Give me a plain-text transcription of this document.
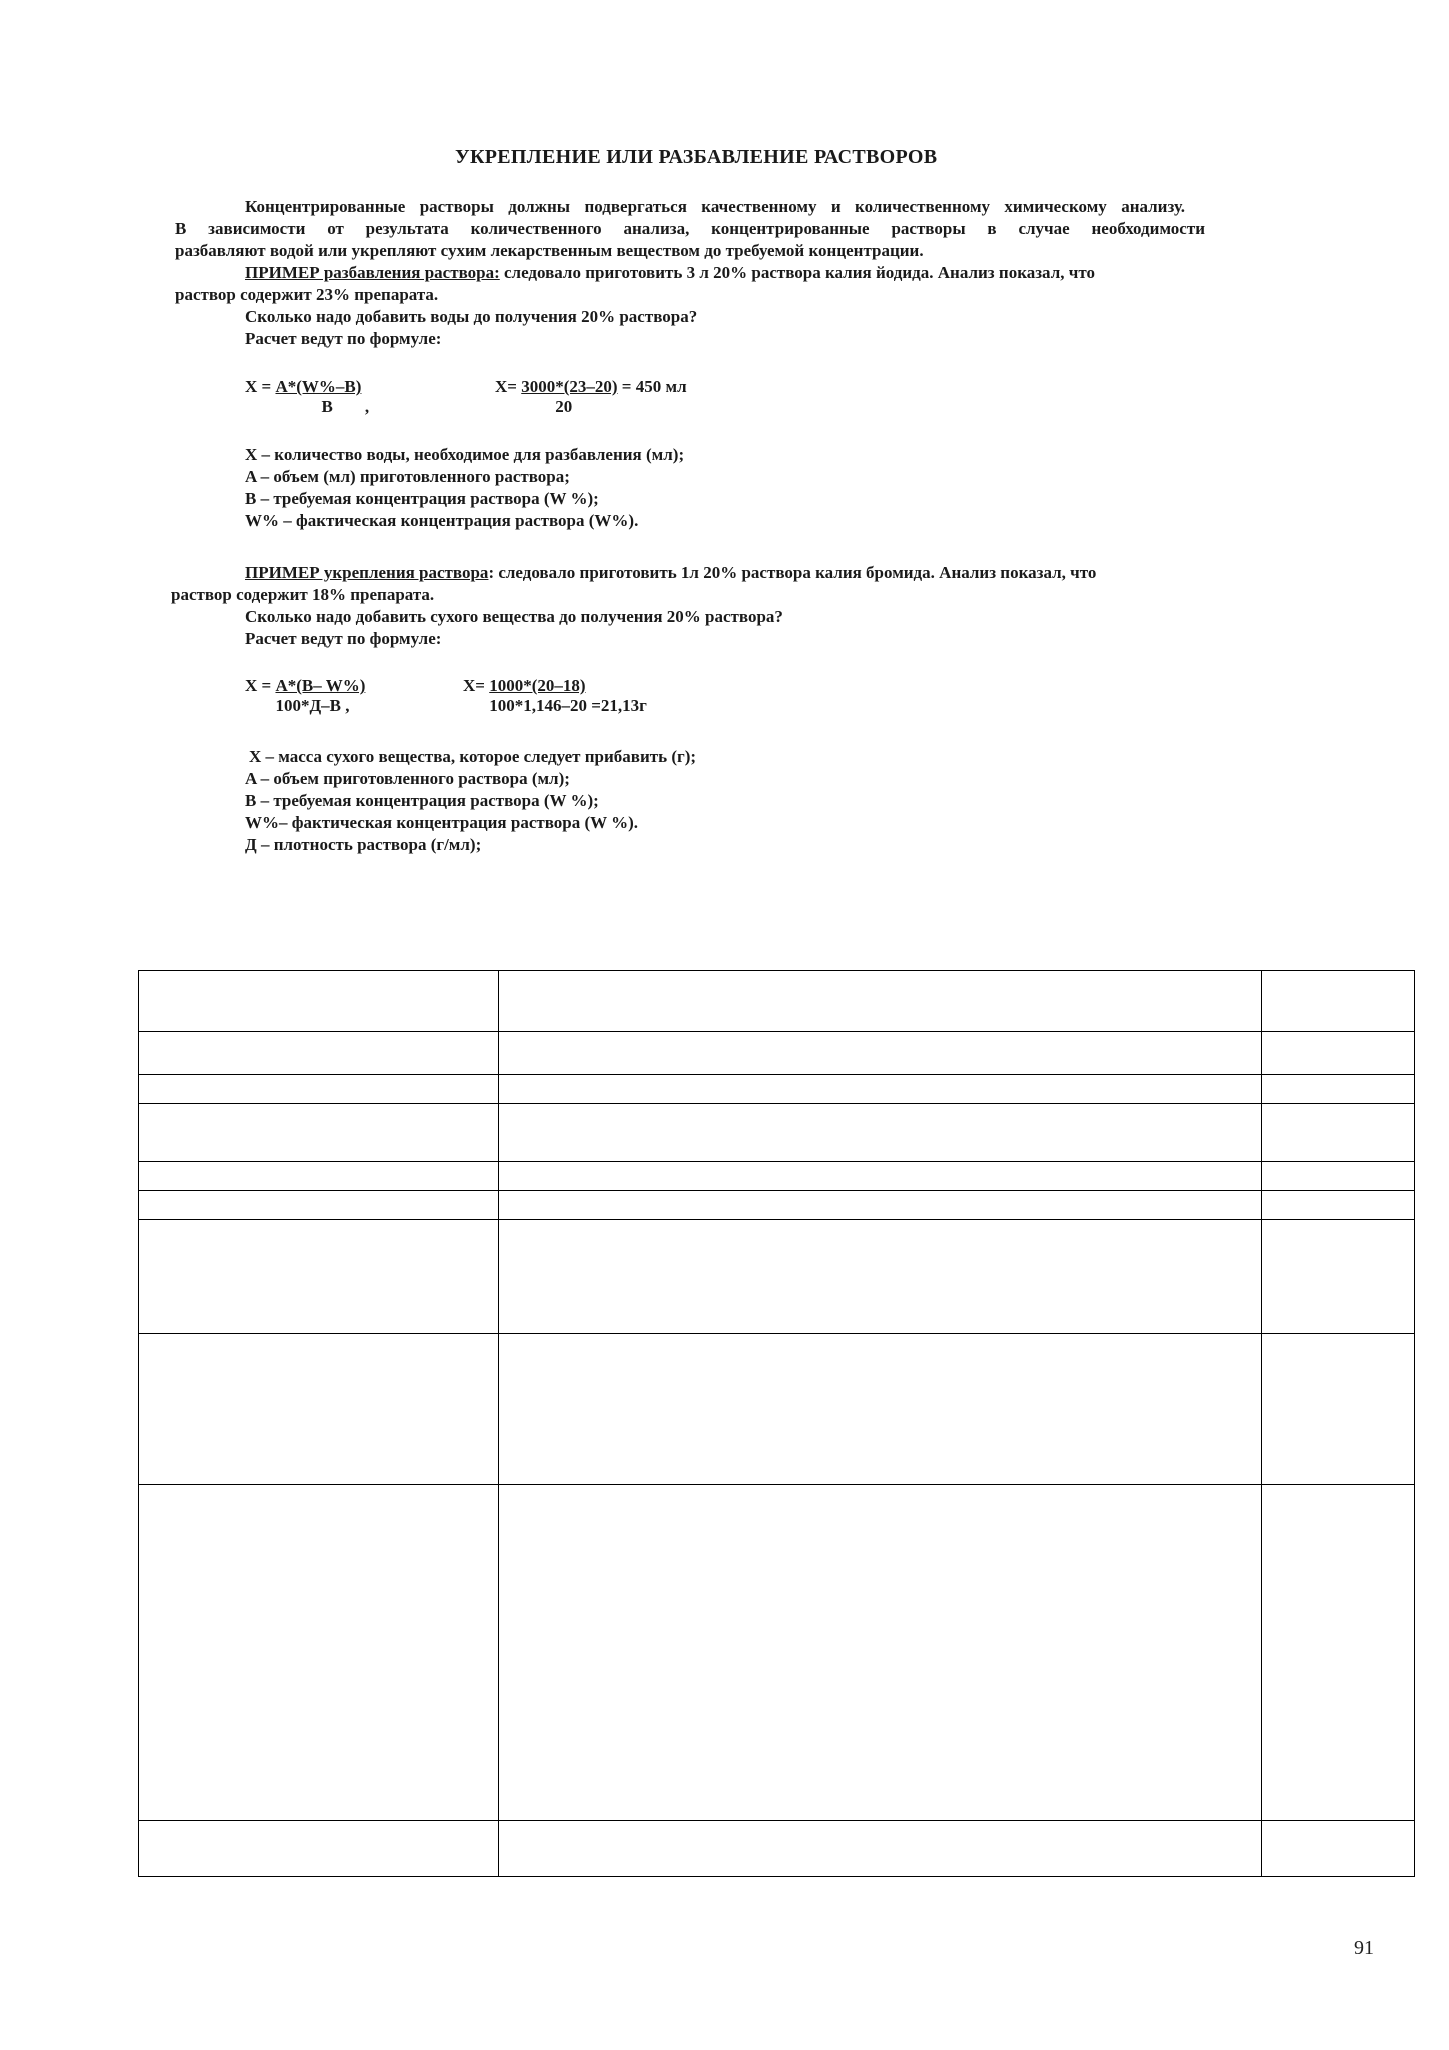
УКРЕПЛЕНИЕ ИЛИ РАЗБАВЛЕНИЕ РАСТВОРОВ
Концентрированные растворы должны подвергаться качественному и количественному химическому анализу.
В зависимости от результата количественного анализа, концентрированные растворы в случае необходимости
разбавляют водой или укрепляют сухим лекарственным веществом до требуемой концентрации.
ПРИМЕР разбавления раствора: следовало приготовить 3 л 20% раствора калия йодида. Анализ показал, что
раствор содержит 23% препарата.
Сколько надо добавить воды до получения 20% раствора?
Расчет ведут по формуле:
X = A*(W%–B)
B ,
$X= \frac{3000*(23-20)}{20} = 450$ мл
X – количество воды, необходимое для разбавления (мл);
A – объем (мл) приготовленного раствора;
B – требуемая концентрация раствора (W %);
W% – фактическая концентрация раствора (W%).
ПРИМЕР укрепления раствора: следовало приготовить 1л 20% раствора калия бромида. Анализ показал, что
раствор содержит 18% препарата.
Сколько надо добавить сухого вещества до получения 20% раствора?
Расчет ведут по формуле:
$X = \frac{A*(B- W\%)}{100*Д-B ,}$	$X= \frac{1000*(20-18)}{100*1,146-20 =21,13г}$
X – масса сухого вещества, которое следует прибавить (г);
A – объем приготовленного раствора (мл);
B – требуемая концентрация раствора (W %);
W%– фактическая концентрация раствора (W %).
Д – плотность раствора (г/мл);

91
